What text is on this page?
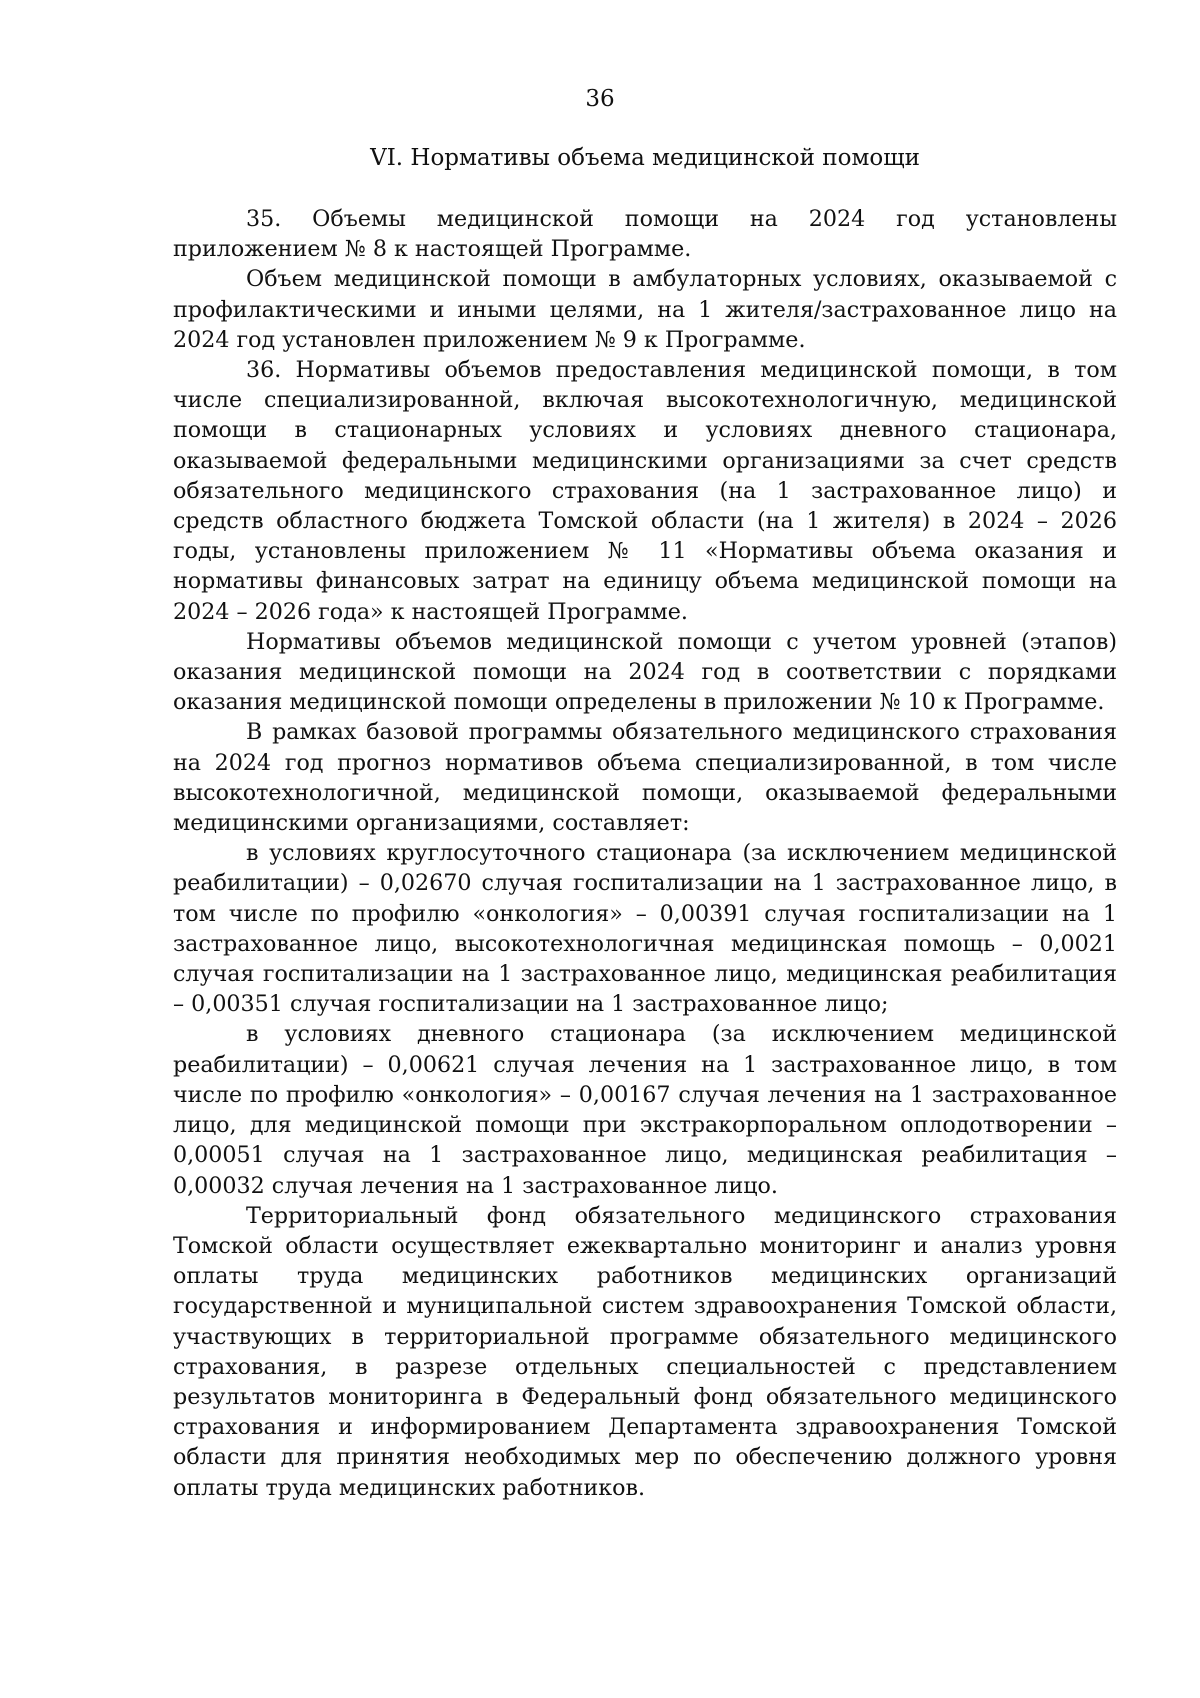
36
VI. Нормативы объема медицинской помощи

35. Объемы медицинской помощи на 2024 год установлены приложением № 8 к настоящей Программе.

Объем медицинской помощи в амбулаторных условиях, оказываемой с профилактическими и иными целями, на 1 жителя/застрахованное лицо на 2024 год установлен приложением № 9 к Программе.

36. Нормативы объемов предоставления медицинской помощи, в том числе специализированной, включая высокотехнологичную, медицинской помощи в стационарных условиях и условиях дневного стационара, оказываемой федеральными медицинскими организациями за счет средств обязательного медицинского страхования (на 1 застрахованное лицо) и средств областного бюджета Томской области (на 1 жителя) в 2024 – 2026 годы, установлены приложением № 11 «Нормативы объема оказания и нормативы финансовых затрат на единицу объема медицинской помощи на 2024 – 2026 года» к настоящей Программе.

Нормативы объемов медицинской помощи с учетом уровней (этапов) оказания медицинской помощи на 2024 год в соответствии с порядками оказания медицинской помощи определены в приложении № 10 к Программе.

В рамках базовой программы обязательного медицинского страхования на 2024 год прогноз нормативов объема специализированной, в том числе высокотехнологичной, медицинской помощи, оказываемой федеральными медицинскими организациями, составляет:

в условиях круглосуточного стационара (за исключением медицинской реабилитации) – 0,02670 случая госпитализации на 1 застрахованное лицо, в том числе по профилю «онкология» – 0,00391 случая госпитализации на 1 застрахованное лицо, высокотехнологичная медицинская помощь – 0,0021 случая госпитализации на 1 застрахованное лицо, медицинская реабилитация – 0,00351 случая госпитализации на 1 застрахованное лицо;

в условиях дневного стационара (за исключением медицинской реабилитации) – 0,00621 случая лечения на 1 застрахованное лицо, в том числе по профилю «онкология» – 0,00167 случая лечения на 1 застрахованное лицо, для медицинской помощи при экстракорпоральном оплодотворении – 0,00051 случая на 1 застрахованное лицо, медицинская реабилитация – 0,00032 случая лечения на 1 застрахованное лицо.

Территориальный фонд обязательного медицинского страхования Томской области осуществляет ежеквартально мониторинг и анализ уровня оплаты труда медицинских работников медицинских организаций государственной и муниципальной систем здравоохранения Томской области, участвующих в территориальной программе обязательного медицинского страхования, в разрезе отдельных специальностей с представлением результатов мониторинга в Федеральный фонд обязательного медицинского страхования и информированием Департамента здравоохранения Томской области для принятия необходимых мер по обеспечению должного уровня оплаты труда медицинских работников.
